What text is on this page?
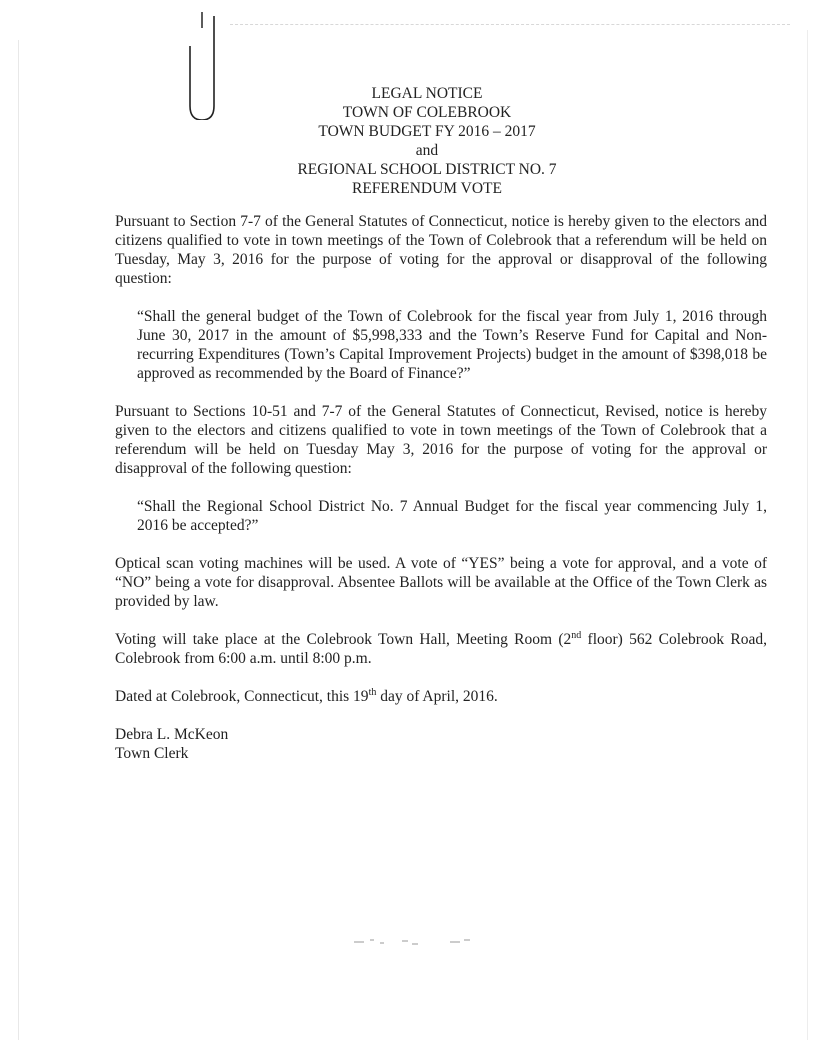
LEGAL NOTICE
TOWN OF COLEBROOK
TOWN BUDGET FY 2016 – 2017
and
REGIONAL SCHOOL DISTRICT NO. 7
REFERENDUM VOTE

Pursuant to Section 7-7 of the General Statutes of Connecticut, notice is hereby given to the electors and citizens qualified to vote in town meetings of the Town of Colebrook that a referendum will be held on Tuesday, May 3, 2016 for the purpose of voting for the approval or disapproval of the following question:

“Shall the general budget of the Town of Colebrook for the fiscal year from July 1, 2016 through June 30, 2017 in the amount of $5,998,333 and the Town’s Reserve Fund for Capital and Non-recurring Expenditures (Town’s Capital Improvement Projects) budget in the amount of $398,018 be approved as recommended by the Board of Finance?”

Pursuant to Sections 10-51 and 7-7 of the General Statutes of Connecticut, Revised, notice is hereby given to the electors and citizens qualified to vote in town meetings of the Town of Colebrook that a referendum will be held on Tuesday May 3, 2016 for the purpose of voting for the approval or disapproval of the following question:

“Shall the Regional School District No. 7 Annual Budget for the fiscal year commencing July 1, 2016 be accepted?”

Optical scan voting machines will be used. A vote of “YES” being a vote for approval, and a vote of “NO” being a vote for disapproval. Absentee Ballots will be available at the Office of the Town Clerk as provided by law.

Voting will take place at the Colebrook Town Hall, Meeting Room (2nd floor) 562 Colebrook Road, Colebrook from 6:00 a.m. until 8:00 p.m.

Dated at Colebrook, Connecticut, this 19th day of April, 2016.

Debra L. McKeon
Town Clerk
